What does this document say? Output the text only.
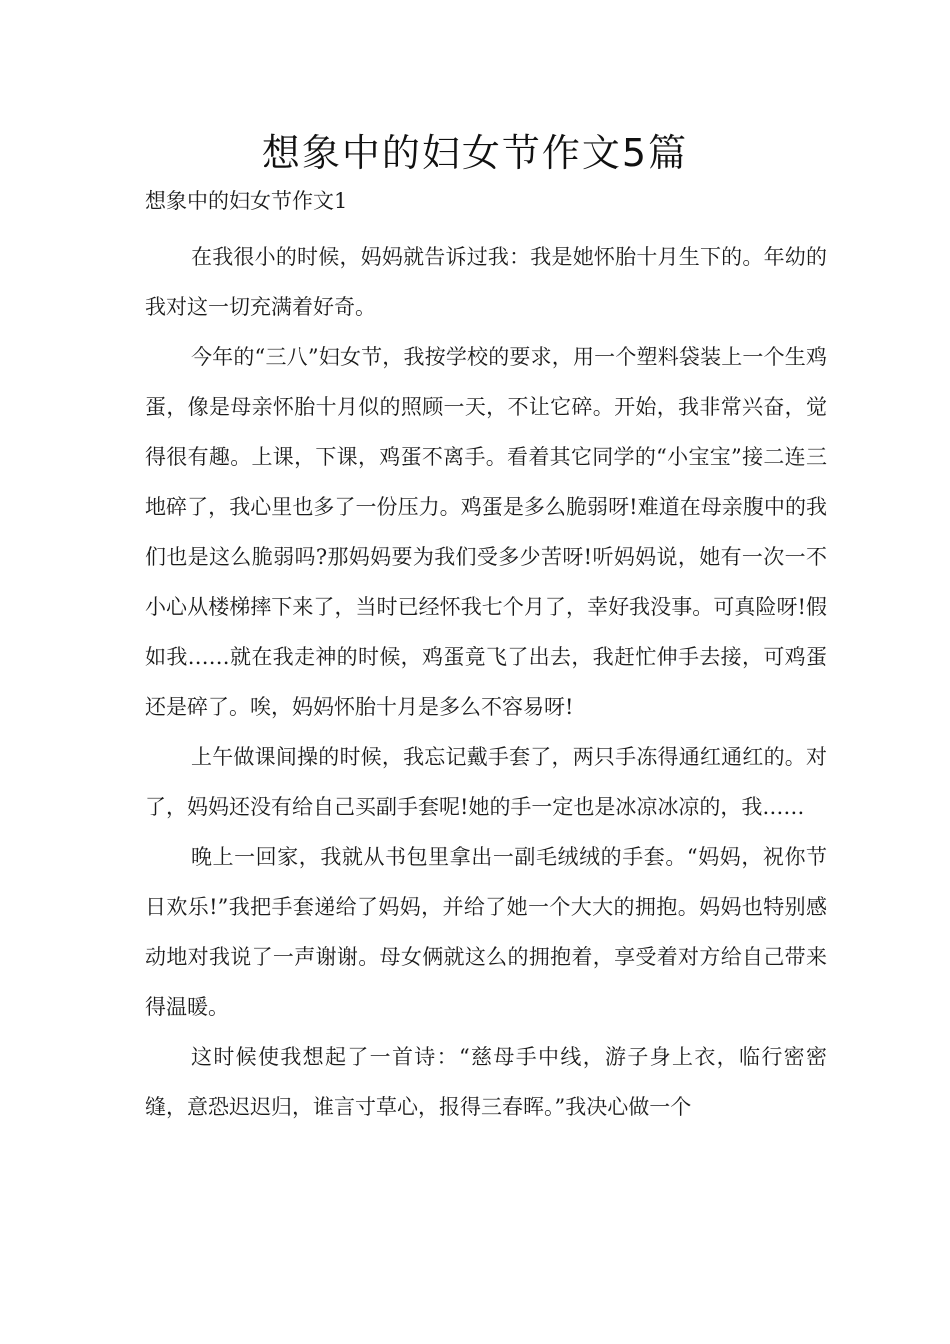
想象中的妇女节作文5篇
想象中的妇女节作文1

在我很小的时候，妈妈就告诉过我：我是她怀胎十月生下的。年幼的我对这一切充满着好奇。

今年的“三八”妇女节，我按学校的要求，用一个塑料袋装上一个生鸡蛋，像是母亲怀胎十月似的照顾一天，不让它碎。开始，我非常兴奋，觉得很有趣。上课，下课，鸡蛋不离手。看着其它同学的“小宝宝”接二连三地碎了，我心里也多了一份压力。鸡蛋是多么脆弱呀!难道在母亲腹中的我们也是这么脆弱吗?那妈妈要为我们受多少苦呀!听妈妈说，她有一次一不小心从楼梯摔下来了，当时已经怀我七个月了，幸好我没事。可真险呀!假如我……就在我走神的时候，鸡蛋竟飞了出去，我赶忙伸手去接，可鸡蛋还是碎了。唉，妈妈怀胎十月是多么不容易呀!

上午做课间操的时候，我忘记戴手套了，两只手冻得通红通红的。对了，妈妈还没有给自己买副手套呢!她的手一定也是冰凉冰凉的，我……

晚上一回家，我就从书包里拿出一副毛绒绒的手套。“妈妈，祝你节日欢乐!”我把手套递给了妈妈，并给了她一个大大的拥抱。妈妈也特别感动地对我说了一声谢谢。母女俩就这么的拥抱着，享受着对方给自己带来得温暖。

这时候使我想起了一首诗：“慈母手中线，游子身上衣，临行密密缝，意恐迟迟归，谁言寸草心，报得三春晖。”我决心做一个
